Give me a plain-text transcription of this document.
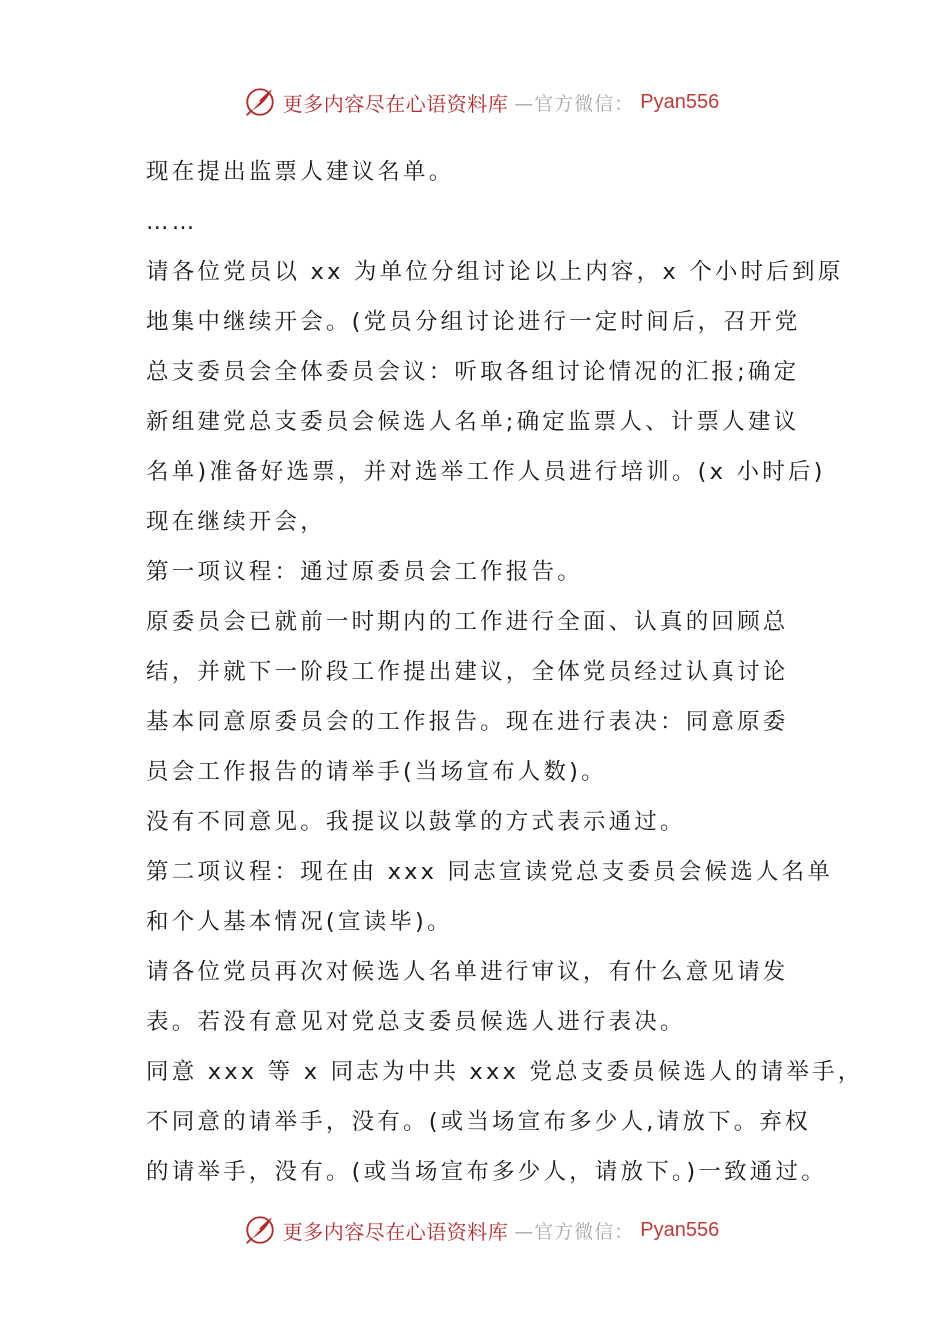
更多内容尽在心语资料库 —官方微信： Pyan556
现在提出监票人建议名单。
……
请各位党员以 xx 为单位分组讨论以上内容，x 个小时后到原
地集中继续开会。(党员分组讨论进行一定时间后，召开党
总支委员会全体委员会议：听取各组讨论情况的汇报;确定
新组建党总支委员会候选人名单;确定监票人、计票人建议
名单)准备好选票，并对选举工作人员进行培训。(x 小时后)
现在继续开会，
第一项议程：通过原委员会工作报告。
原委员会已就前一时期内的工作进行全面、认真的回顾总
结，并就下一阶段工作提出建议，全体党员经过认真讨论
基本同意原委员会的工作报告。现在进行表决：同意原委
员会工作报告的请举手(当场宣布人数)。
没有不同意见。我提议以鼓掌的方式表示通过。
第二项议程：现在由 xxx 同志宣读党总支委员会候选人名单
和个人基本情况(宣读毕)。
请各位党员再次对候选人名单进行审议，有什么意见请发
表。若没有意见对党总支委员候选人进行表决。
同意 xxx 等 x 同志为中共 xxx 党总支委员候选人的请举手，
不同意的请举手，没有。(或当场宣布多少人,请放下。弃权
的请举手，没有。(或当场宣布多少人，请放下。)一致通过。
更多内容尽在心语资料库 —官方微信： Pyan556
